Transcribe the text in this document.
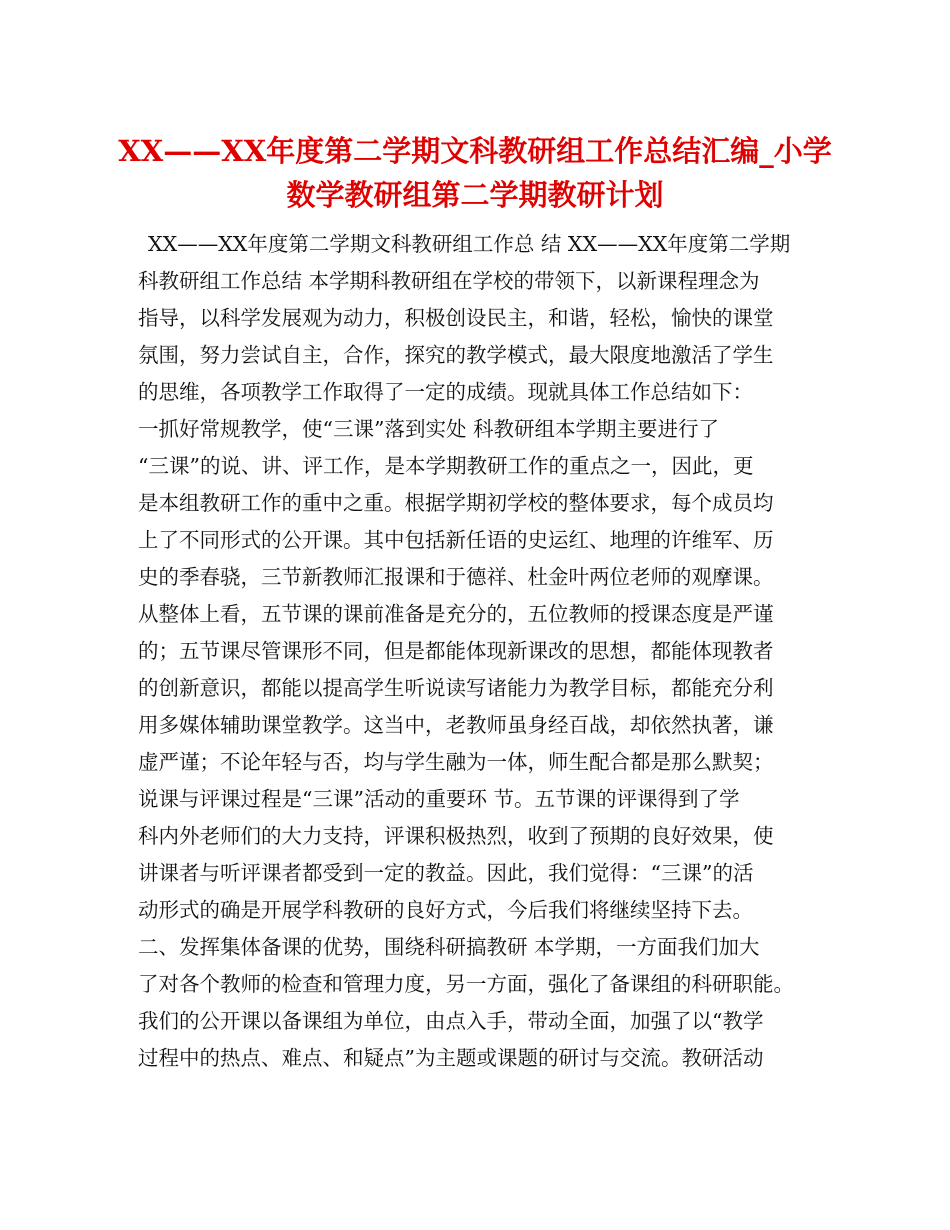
XX——XX年度第二学期文科教研组工作总结汇编_小学
数学教研组第二学期教研计划
XX——XX年度第二学期文科教研组工作总 结 XX——XX年度第二学期
科教研组工作总结 本学期科教研组在学校的带领下，以新课程理念为
指导，以科学发展观为动力，积极创设民主，和谐，轻松，愉快的课堂
氛围，努力尝试自主，合作，探究的教学模式，最大限度地激活了学生
的思维，各项教学工作取得了一定的成绩。现就具体工作总结如下：
一抓好常规教学，使“三课”落到实处 科教研组本学期主要进行了
“三课”的说、讲、评工作，是本学期教研工作的重点之一，因此，更
是本组教研工作的重中之重。根据学期初学校的整体要求，每个成员均
上了不同形式的公开课。其中包括新任语的史运红、地理的许维军、历
史的季春骁，三节新教师汇报课和于德祥、杜金叶两位老师的观摩课。
从整体上看，五节课的课前准备是充分的，五位教师的授课态度是严谨
的；五节课尽管课形不同，但是都能体现新课改的思想，都能体现教者
的创新意识，都能以提高学生听说读写诸能力为教学目标，都能充分利
用多媒体辅助课堂教学。这当中，老教师虽身经百战，却依然执著，谦
虚严谨；不论年轻与否，均与学生融为一体，师生配合都是那么默契；
说课与评课过程是“三课”活动的重要环 节。五节课的评课得到了学
科内外老师们的大力支持，评课积极热烈，收到了预期的良好效果，使
讲课者与听评课者都受到一定的教益。因此，我们觉得：“三课”的活
动形式的确是开展学科教研的良好方式，今后我们将继续坚持下去。
二、发挥集体备课的优势，围绕科研搞教研 本学期，一方面我们加大
了对各个教师的检查和管理力度，另一方面，强化了备课组的科研职能。
我们的公开课以备课组为单位，由点入手，带动全面，加强了以“教学
过程中的热点、难点、和疑点”为主题或课题的研讨与交流。教研活动
